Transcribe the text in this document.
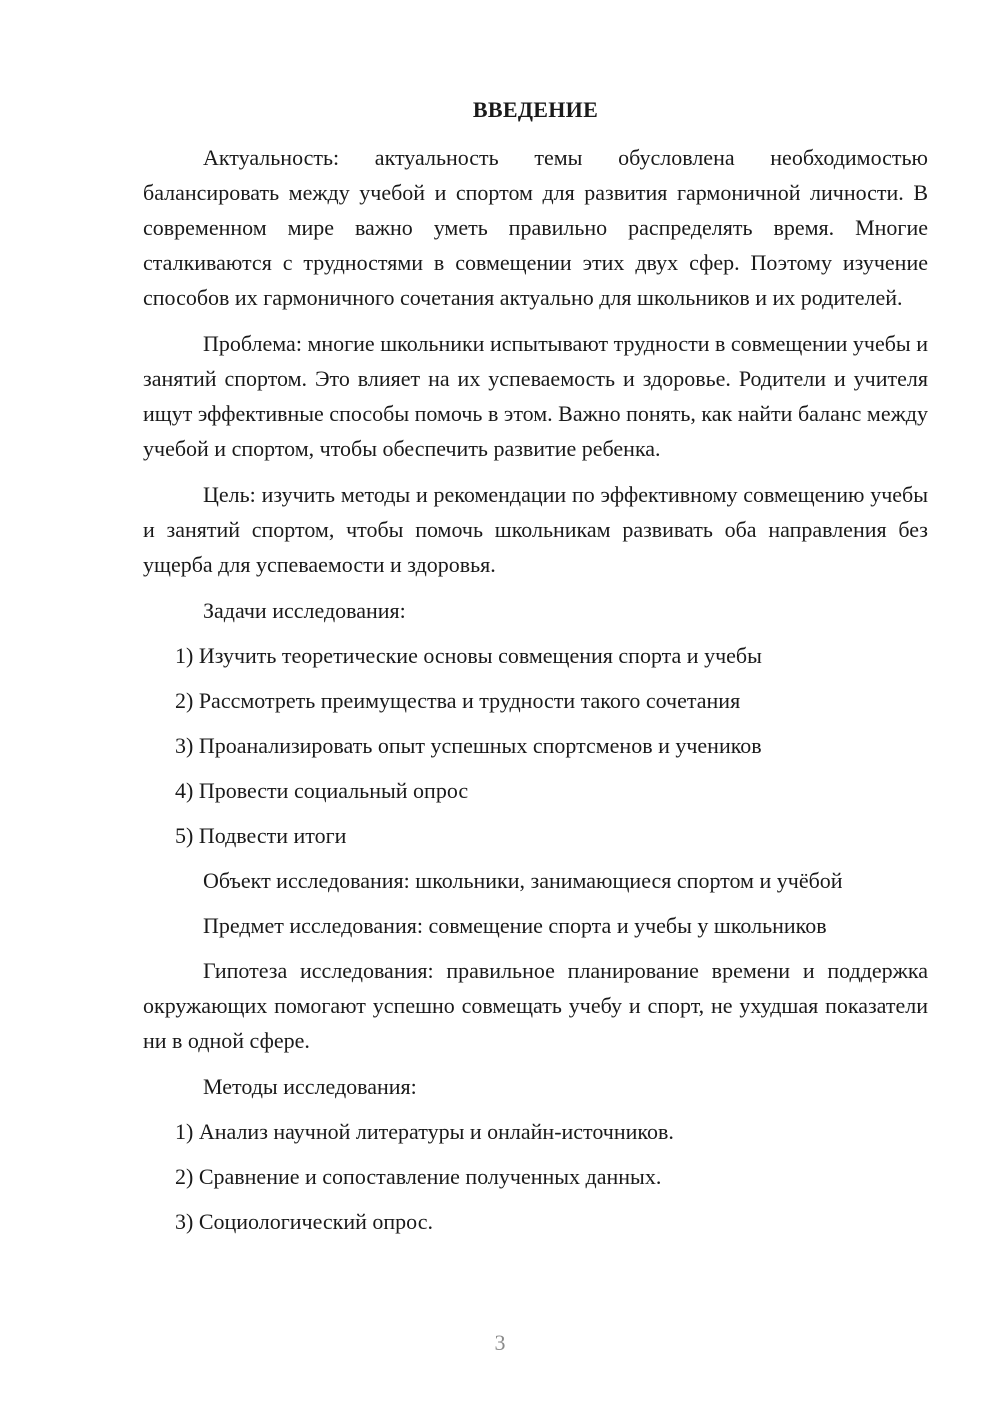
ВВЕДЕНИЕ

Актуальность: актуальность темы обусловлена необходимостью балансировать между учебой и спортом для развития гармоничной личности. В современном мире важно уметь правильно распределять время. Многие сталкиваются с трудностями в совмещении этих двух сфер. Поэтому изучение способов их гармоничного сочетания актуально для школьников и их родителей.

Проблема: многие школьники испытывают трудности в совмещении учебы и занятий спортом. Это влияет на их успеваемость и здоровье. Родители и учителя ищут эффективные способы помочь в этом. Важно понять, как найти баланс между учебой и спортом, чтобы обеспечить развитие ребенка.

Цель: изучить методы и рекомендации по эффективному совмещению учебы и занятий спортом, чтобы помочь школьникам развивать оба направления без ущерба для успеваемости и здоровья.

Задачи исследования:
1) Изучить теоретические основы совмещения спорта и учебы
2) Рассмотреть преимущества и трудности такого сочетания
3) Проанализировать опыт успешных спортсменов и учеников
4) Провести социальный опрос
5) Подвести итоги
Объект исследования: школьники, занимающиеся спортом и учёбой
Предмет исследования: совмещение спорта и учебы у школьников

Гипотеза исследования: правильное планирование времени и поддержка окружающих помогают успешно совмещать учебу и спорт, не ухудшая показатели ни в одной сфере.

Методы исследования:
1) Анализ научной литературы и онлайн-источников.
2) Сравнение и сопоставление полученных данных.
3) Социологический опрос.
3
